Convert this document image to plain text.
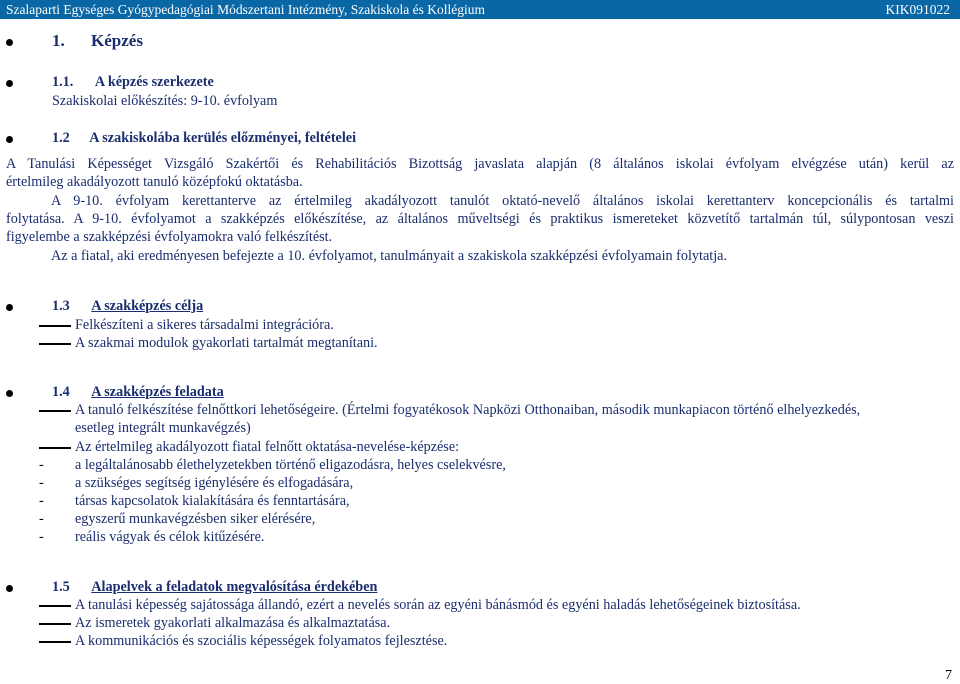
Szalaparti Egységes Gyógypedagógiai Módszertani Intézmény, Szakiskola és Kollégium	KIK091022
1. Képzés
1.1. A képzés szerkezete
Szakiskolai előkészítés: 9-10. évfolyam
1.2 A szakiskolába kerülés előzményei, feltételei
A Tanulási Képességet Vizsgáló Szakértői és Rehabilitációs Bizottság javaslata alapján (8 általános iskolai évfolyam elvégzése után) kerül az
értelmileg akadályozott tanuló középfokú oktatásba.
A 9-10. évfolyam kerettanterve az értelmileg akadályozott tanulót oktató-nevelő általános iskolai kerettanterv koncepcionális és tartalmi
folytatása. A 9-10. évfolyamot a szakképzés előkészítése, az általános műveltségi és praktikus ismereteket közvetítő tartalmán túl, súlypontosan veszi
figyelembe a szakképzési évfolyamokra való felkészítést.
Az a fiatal, aki eredményesen befejezte a 10. évfolyamot, tanulmányait a szakiskola szakképzési évfolyamain folytatja.
1.3 A szakképzés célja
Felkészíteni a sikeres társadalmi integrációra.
A szakmai modulok gyakorlati tartalmát megtanítani.
1.4 A szakképzés feladata
A tanuló felkészítése felnőttkori lehetőségeire. (Értelmi fogyatékosok Napközi Otthonaiban, második munkapiacon történő elhelyezkedés,
esetleg integrált munkavégzés)
Az értelmileg akadályozott fiatal felnőtt oktatása-nevelése-képzése:
- a legáltalánosabb élethelyzetekben történő eligazodásra, helyes cselekvésre,
- a szükséges segítség igénylésére és elfogadására,
- társas kapcsolatok kialakítására és fenntartására,
- egyszerű munkavégzésben siker elérésére,
- reális vágyak és célok kitűzésére.
1.5 Alapelvek a feladatok megvalósítása érdekében
A tanulási képesség sajátossága állandó, ezért a nevelés során az egyéni bánásmód és egyéni haladás lehetőségeinek biztosítása.
Az ismeretek gyakorlati alkalmazása és alkalmaztatása.
A kommunikációs és szociális képességek folyamatos fejlesztése.
7
